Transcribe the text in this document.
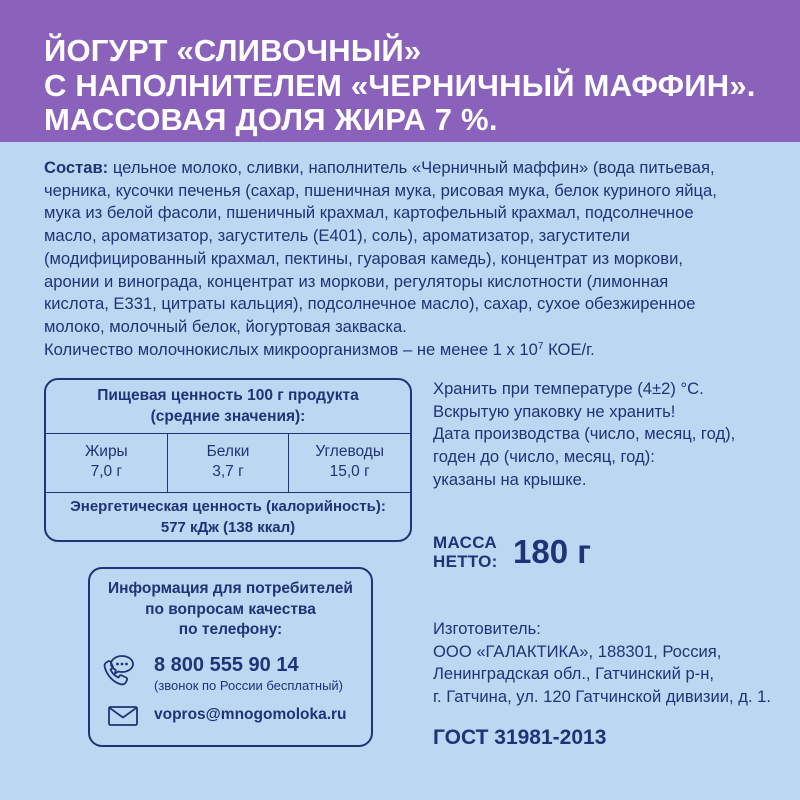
ЙОГУРТ «СЛИВОЧНЫЙ»
С НАПОЛНИТЕЛЕМ «ЧЕРНИЧНЫЙ МАФФИН».
МАССОВАЯ ДОЛЯ ЖИРА 7 %.
Состав: цельное молоко, сливки, наполнитель «Черничный маффин» (вода питьевая,
черника, кусочки печенья (сахар, пшеничная мука, рисовая мука, белок куриного яйца,
мука из белой фасоли, пшеничный крахмал, картофельный крахмал, подсолнечное
масло, ароматизатор, загуститель (Е401), соль), ароматизатор, загустители
(модифицированный крахмал, пектины, гуаровая камедь), концентрат из моркови,
аронии и винограда, концентрат из моркови, регуляторы кислотности (лимонная
кислота, Е331, цитраты кальция), подсолнечное масло), сахар, сухое обезжиренное
молоко, молочный белок, йогуртовая закваска.
Количество молочнокислых микроорганизмов – не менее 1 х $10^7$ КОЕ/г.
Пищевая ценность 100 г продукта
(средние значения):
Жиры
7,0 г
Белки
3,7 г
Углеводы
15,0 г
Энергетическая ценность (калорийность):
577 кДж (138 ккал)
Хранить при температуре (4±2) °С.
Вскрытую упаковку не хранить!
Дата производства (число, месяц, год),
годен до (число, месяц, год):
указаны на крышке.
МАССА
НЕТТО: 180 г
Информация для потребителей
по вопросам качества
по телефону:
8 800 555 90 14
(звонок по России бесплатный)
vopros@mnogomoloka.ru
Изготовитель:
ООО «ГАЛАКТИКА», 188301, Россия,
Ленинградская обл., Гатчинский р-н,
г. Гатчина, ул. 120 Гатчинской дивизии, д. 1.
ГОСТ 31981-2013
